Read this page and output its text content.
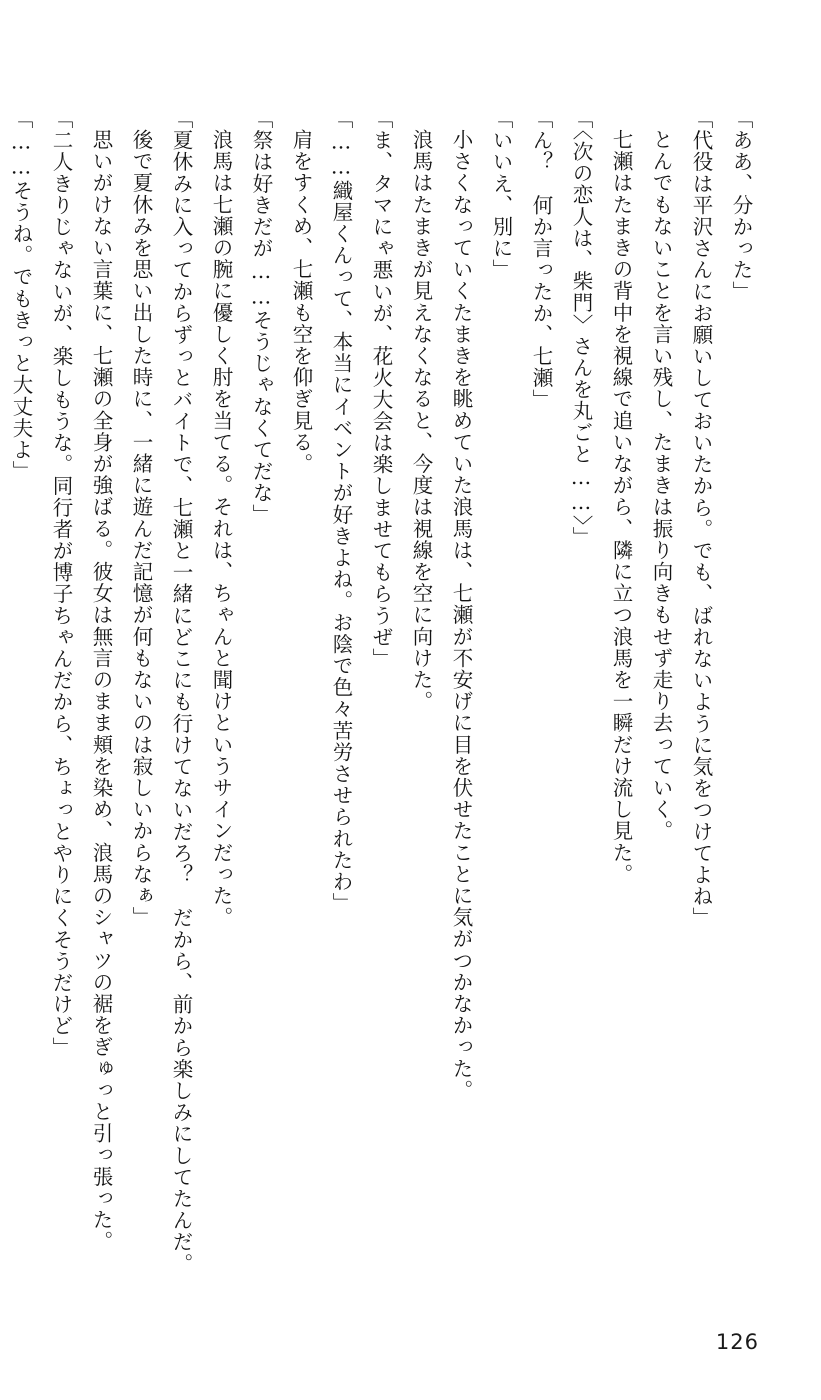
「ああ、分かった」

「代役は平沢さんにお願いしておいたから。でも、ばれないように気をつけてよね」

とんでもないことを言い残し、たまきは振り向きもせず走り去っていく。

七瀬はたまきの背中を視線で追いながら、隣に立つ浪馬を一瞬だけ流し見た。

「〈次の恋人は、柴門〉さんを丸ごと……〉」

「ん？　何か言ったか、七瀬」

「いいえ、別に」

小さくなっていくたまきを眺めていた浪馬は、七瀬が不安げに目を伏せたことに気がつかなかった。

浪馬はたまきが見えなくなると、今度は視線を空に向けた。

「ま、タマにゃ悪いが、花火大会は楽しませてもらうぜ」

「……織屋くんって、本当にイベントが好きよね。お陰で色々苦労させられたわ」

肩をすくめ、七瀬も空を仰ぎ見る。

「祭は好きだが……そうじゃなくてだな」

浪馬は七瀬の腕に優しく肘を当てる。それは、ちゃんと聞けというサインだった。

「夏休みに入ってからずっとバイトで、七瀬と一緒にどこにも行けてないだろ？　だから、前から楽しみにしてたんだ。

後で夏休みを思い出した時に、一緒に遊んだ記憶が何もないのは寂しいからなぁ」

思いがけない言葉に、七瀬の全身が強ばる。彼女は無言のまま頬を染め、浪馬のシャツの裾をぎゅっと引っ張った。

「二人きりじゃないが、楽しもうな。同行者が博子ちゃんだから、ちょっとやりにくそうだけど」

「……そうね。でもきっと大丈夫よ」

126
